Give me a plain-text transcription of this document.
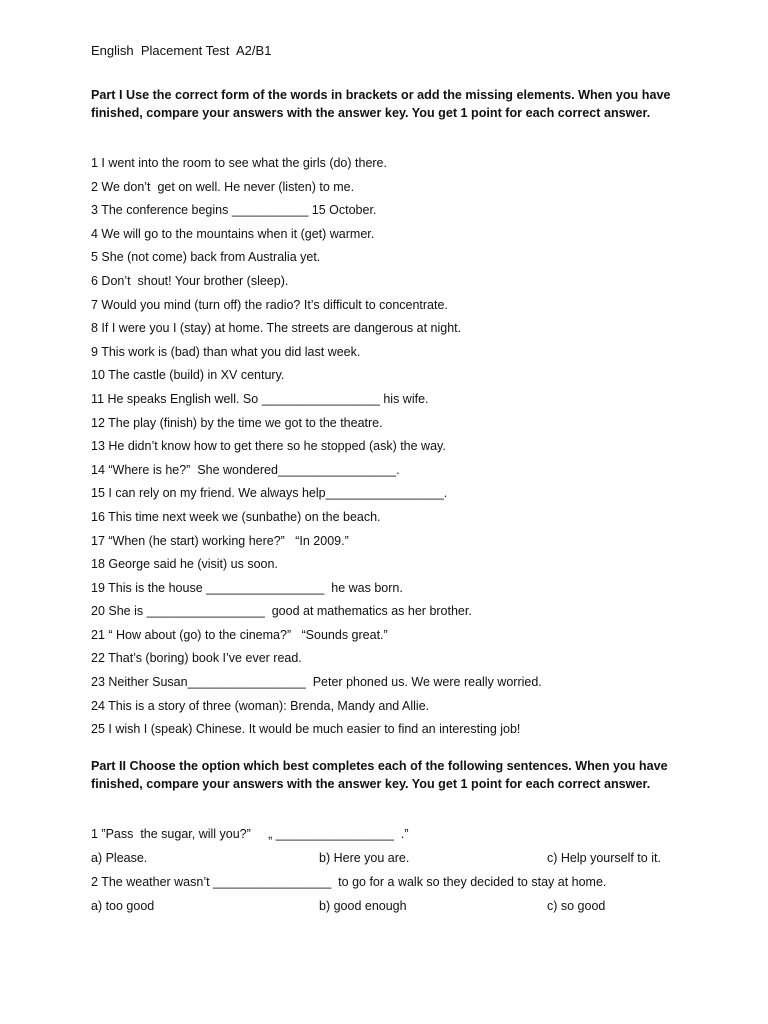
English  Placement Test  A2/B1
Part I Use the correct form of the words in brackets or add the missing elements. When you have finished, compare your answers with the answer key. You get 1 point for each correct answer.
1 I went into the room to see what the girls (do) there.
2 We don’t  get on well. He never (listen) to me.
3 The conference begins ___________ 15 October.
4 We will go to the mountains when it (get) warmer.
5 She (not come) back from Australia yet.
6 Don’t  shout! Your brother (sleep).
7 Would you mind (turn off) the radio? It’s difficult to concentrate.
8 If I were you I (stay) at home. The streets are dangerous at night.
9 This work is (bad) than what you did last week.
10 The castle (build) in XV century.
11 He speaks English well. So _________________ his wife.
12 The play (finish) by the time we got to the theatre.
13 He didn’t know how to get there so he stopped (ask) the way.
14 “Where is he?”  She wondered_________________.
15 I can rely on my friend. We always help_________________.
16 This time next week we (sunbathe) on the beach.
17 “When (he start) working here?”   “In 2009.”
18 George said he (visit) us soon.
19 This is the house _________________  he was born.
20 She is _________________  good at mathematics as her brother.
21 “ How about (go) to the cinema?”   “Sounds great.”
22 That’s (boring) book I’ve ever read.
23 Neither Susan_________________  Peter phoned us. We were really worried.
24 This is a story of three (woman): Brenda, Mandy and Allie.
25 I wish I (speak) Chinese. It would be much easier to find an interesting job!
Part II Choose the option which best completes each of the following sentences. When you have finished, compare your answers with the answer key. You get 1 point for each correct answer.
1 ”Pass  the sugar, will you?”     „ _________________  .”
a) Please.	b) Here you are.	c) Help yourself to it.
2 The weather wasn’t _________________  to go for a walk so they decided to stay at home.
a) too good	b) good enough	c) so good
